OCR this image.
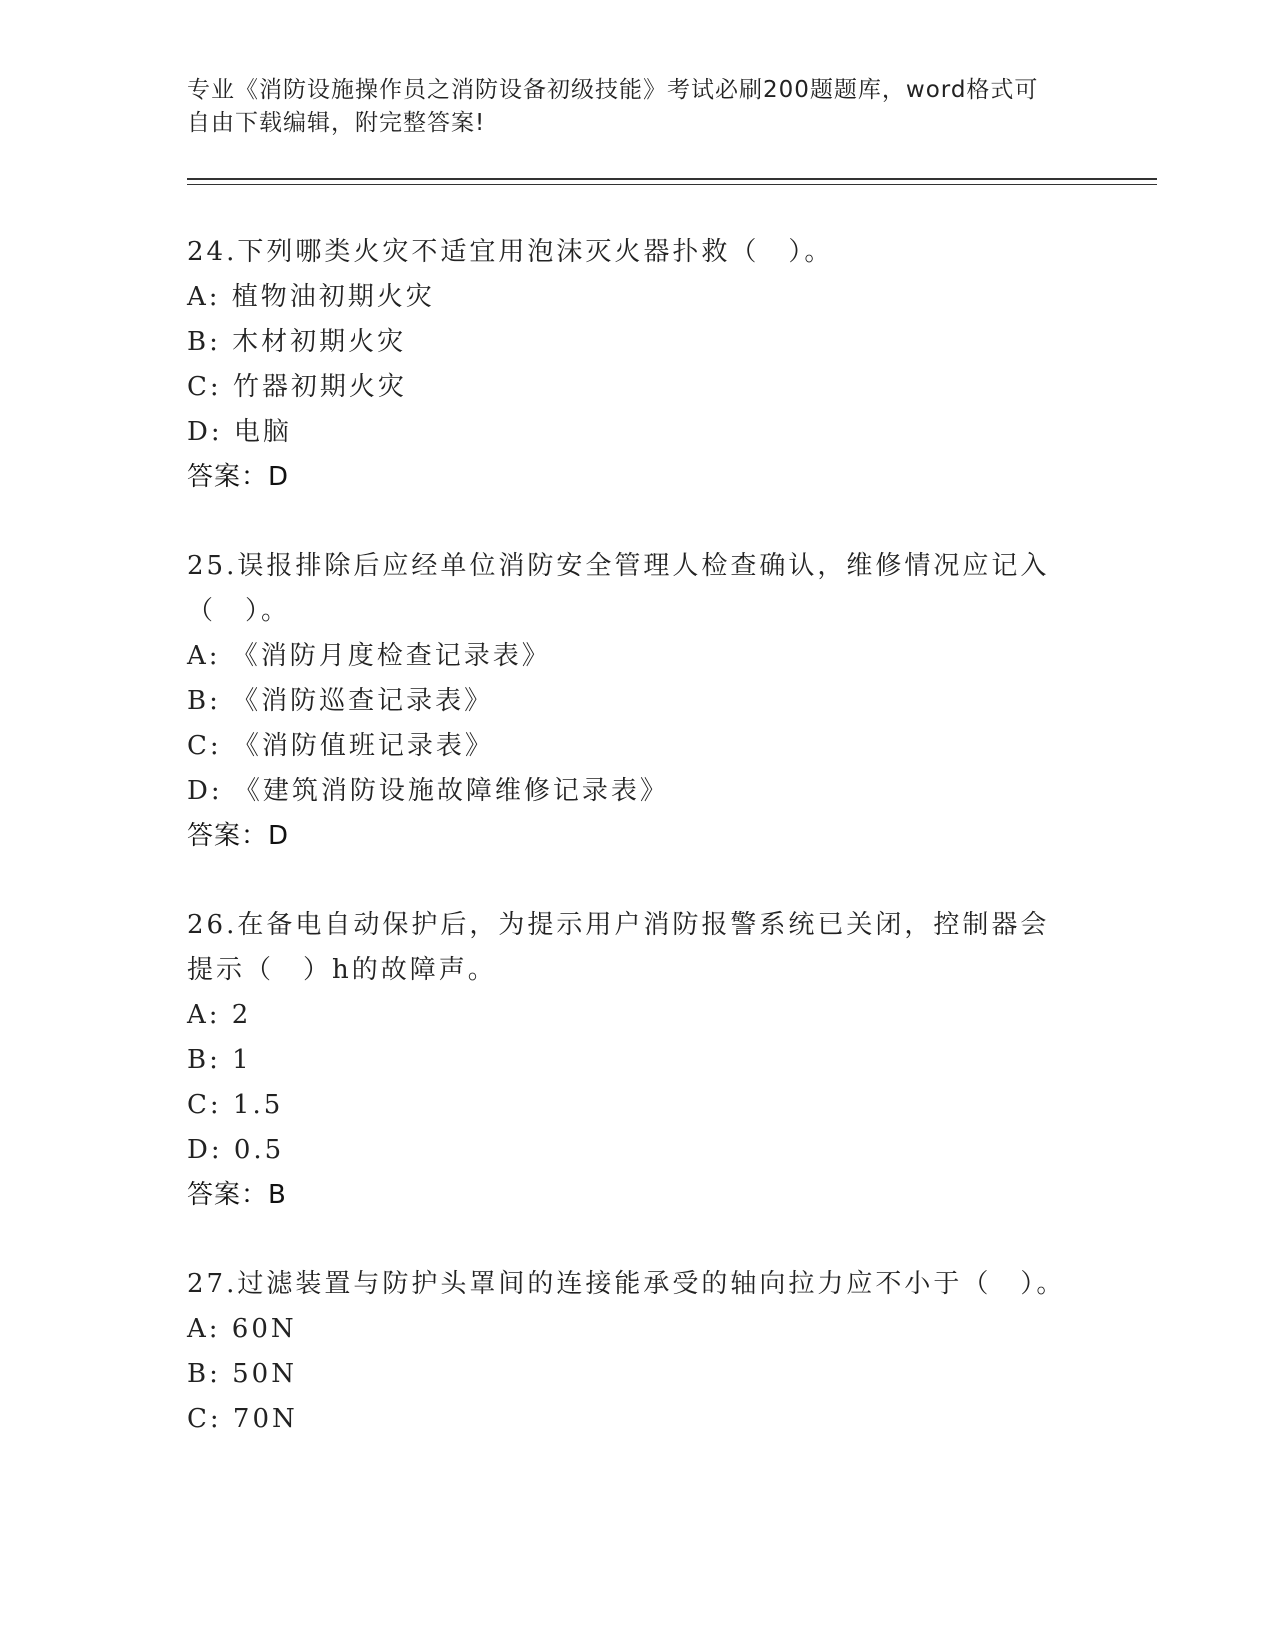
专业《消防设施操作员之消防设备初级技能》考试必刷200题题库，word格式可
自由下载编辑，附完整答案!
24.下列哪类火灾不适宜用泡沫灭火器扑救（　）。
A: 植物油初期火灾
B: 木材初期火灾
C: 竹器初期火灾
D: 电脑
答案：D
25.误报排除后应经单位消防安全管理人检查确认，维修情况应记入（　）。
A: 《消防月度检查记录表》
B: 《消防巡查记录表》
C: 《消防值班记录表》
D: 《建筑消防设施故障维修记录表》
答案：D
26.在备电自动保护后，为提示用户消防报警系统已关闭，控制器会提示（　）h的故障声。
A: 2
B: 1
C: 1.5
D: 0.5
答案：B
27.过滤装置与防护头罩间的连接能承受的轴向拉力应不小于（　）。
A: 60N
B: 50N
C: 70N
